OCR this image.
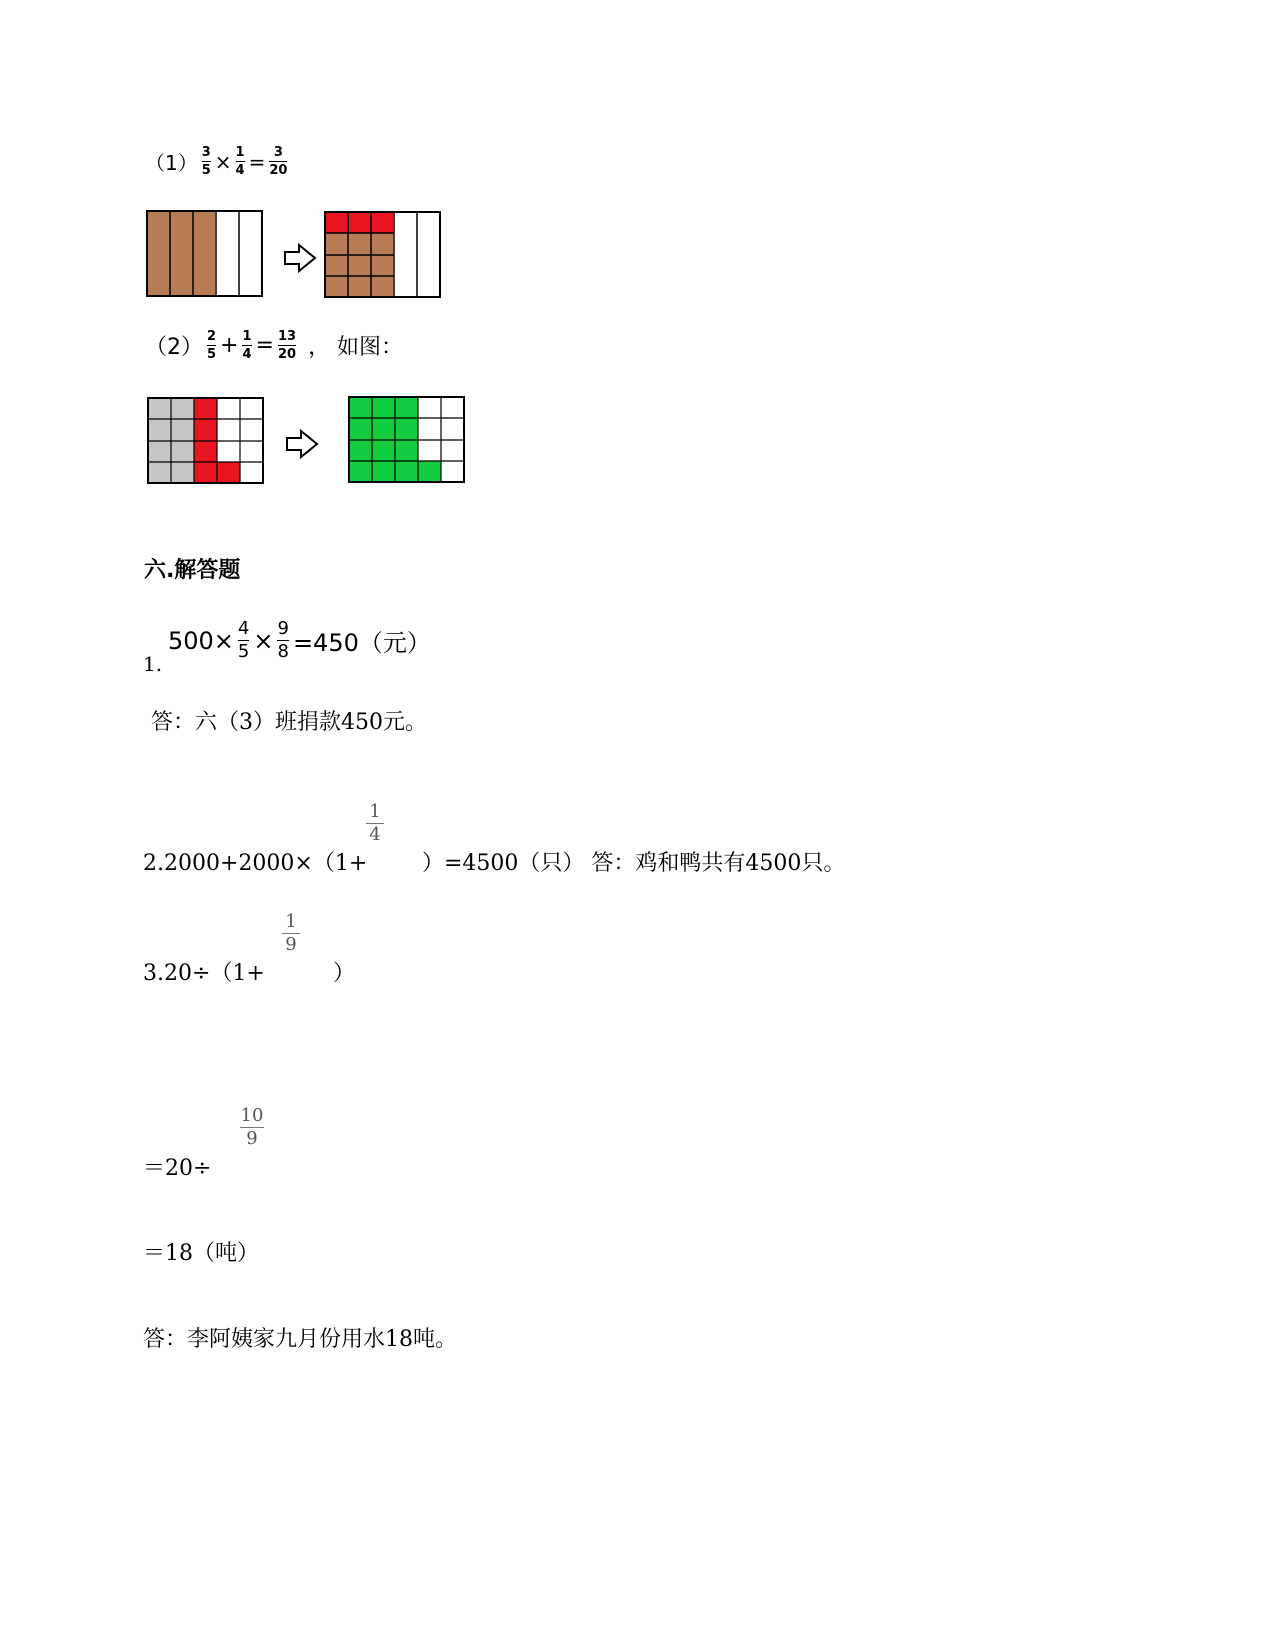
$(1) \frac{3}{5} \times \frac{1}{4} = \frac{3}{20}$
$(2) \frac{2}{5} + \frac{1}{4} = \frac{13}{20}$ ， 如图：
六.解答题
1.
$500\times \frac{4}{5} \times \frac{9}{8} =450$（元）
答：六（3）班捐款450元。
2.2000+2000×（1+
$\frac{1}{4}$
）=4500（只） 答：鸡和鸭共有4500只。
3.20÷（1+
$\frac{1}{9}$
）
＝20÷
$\frac{10}{9}$
＝18（吨）
答：李阿姨家九月份用水18吨。
